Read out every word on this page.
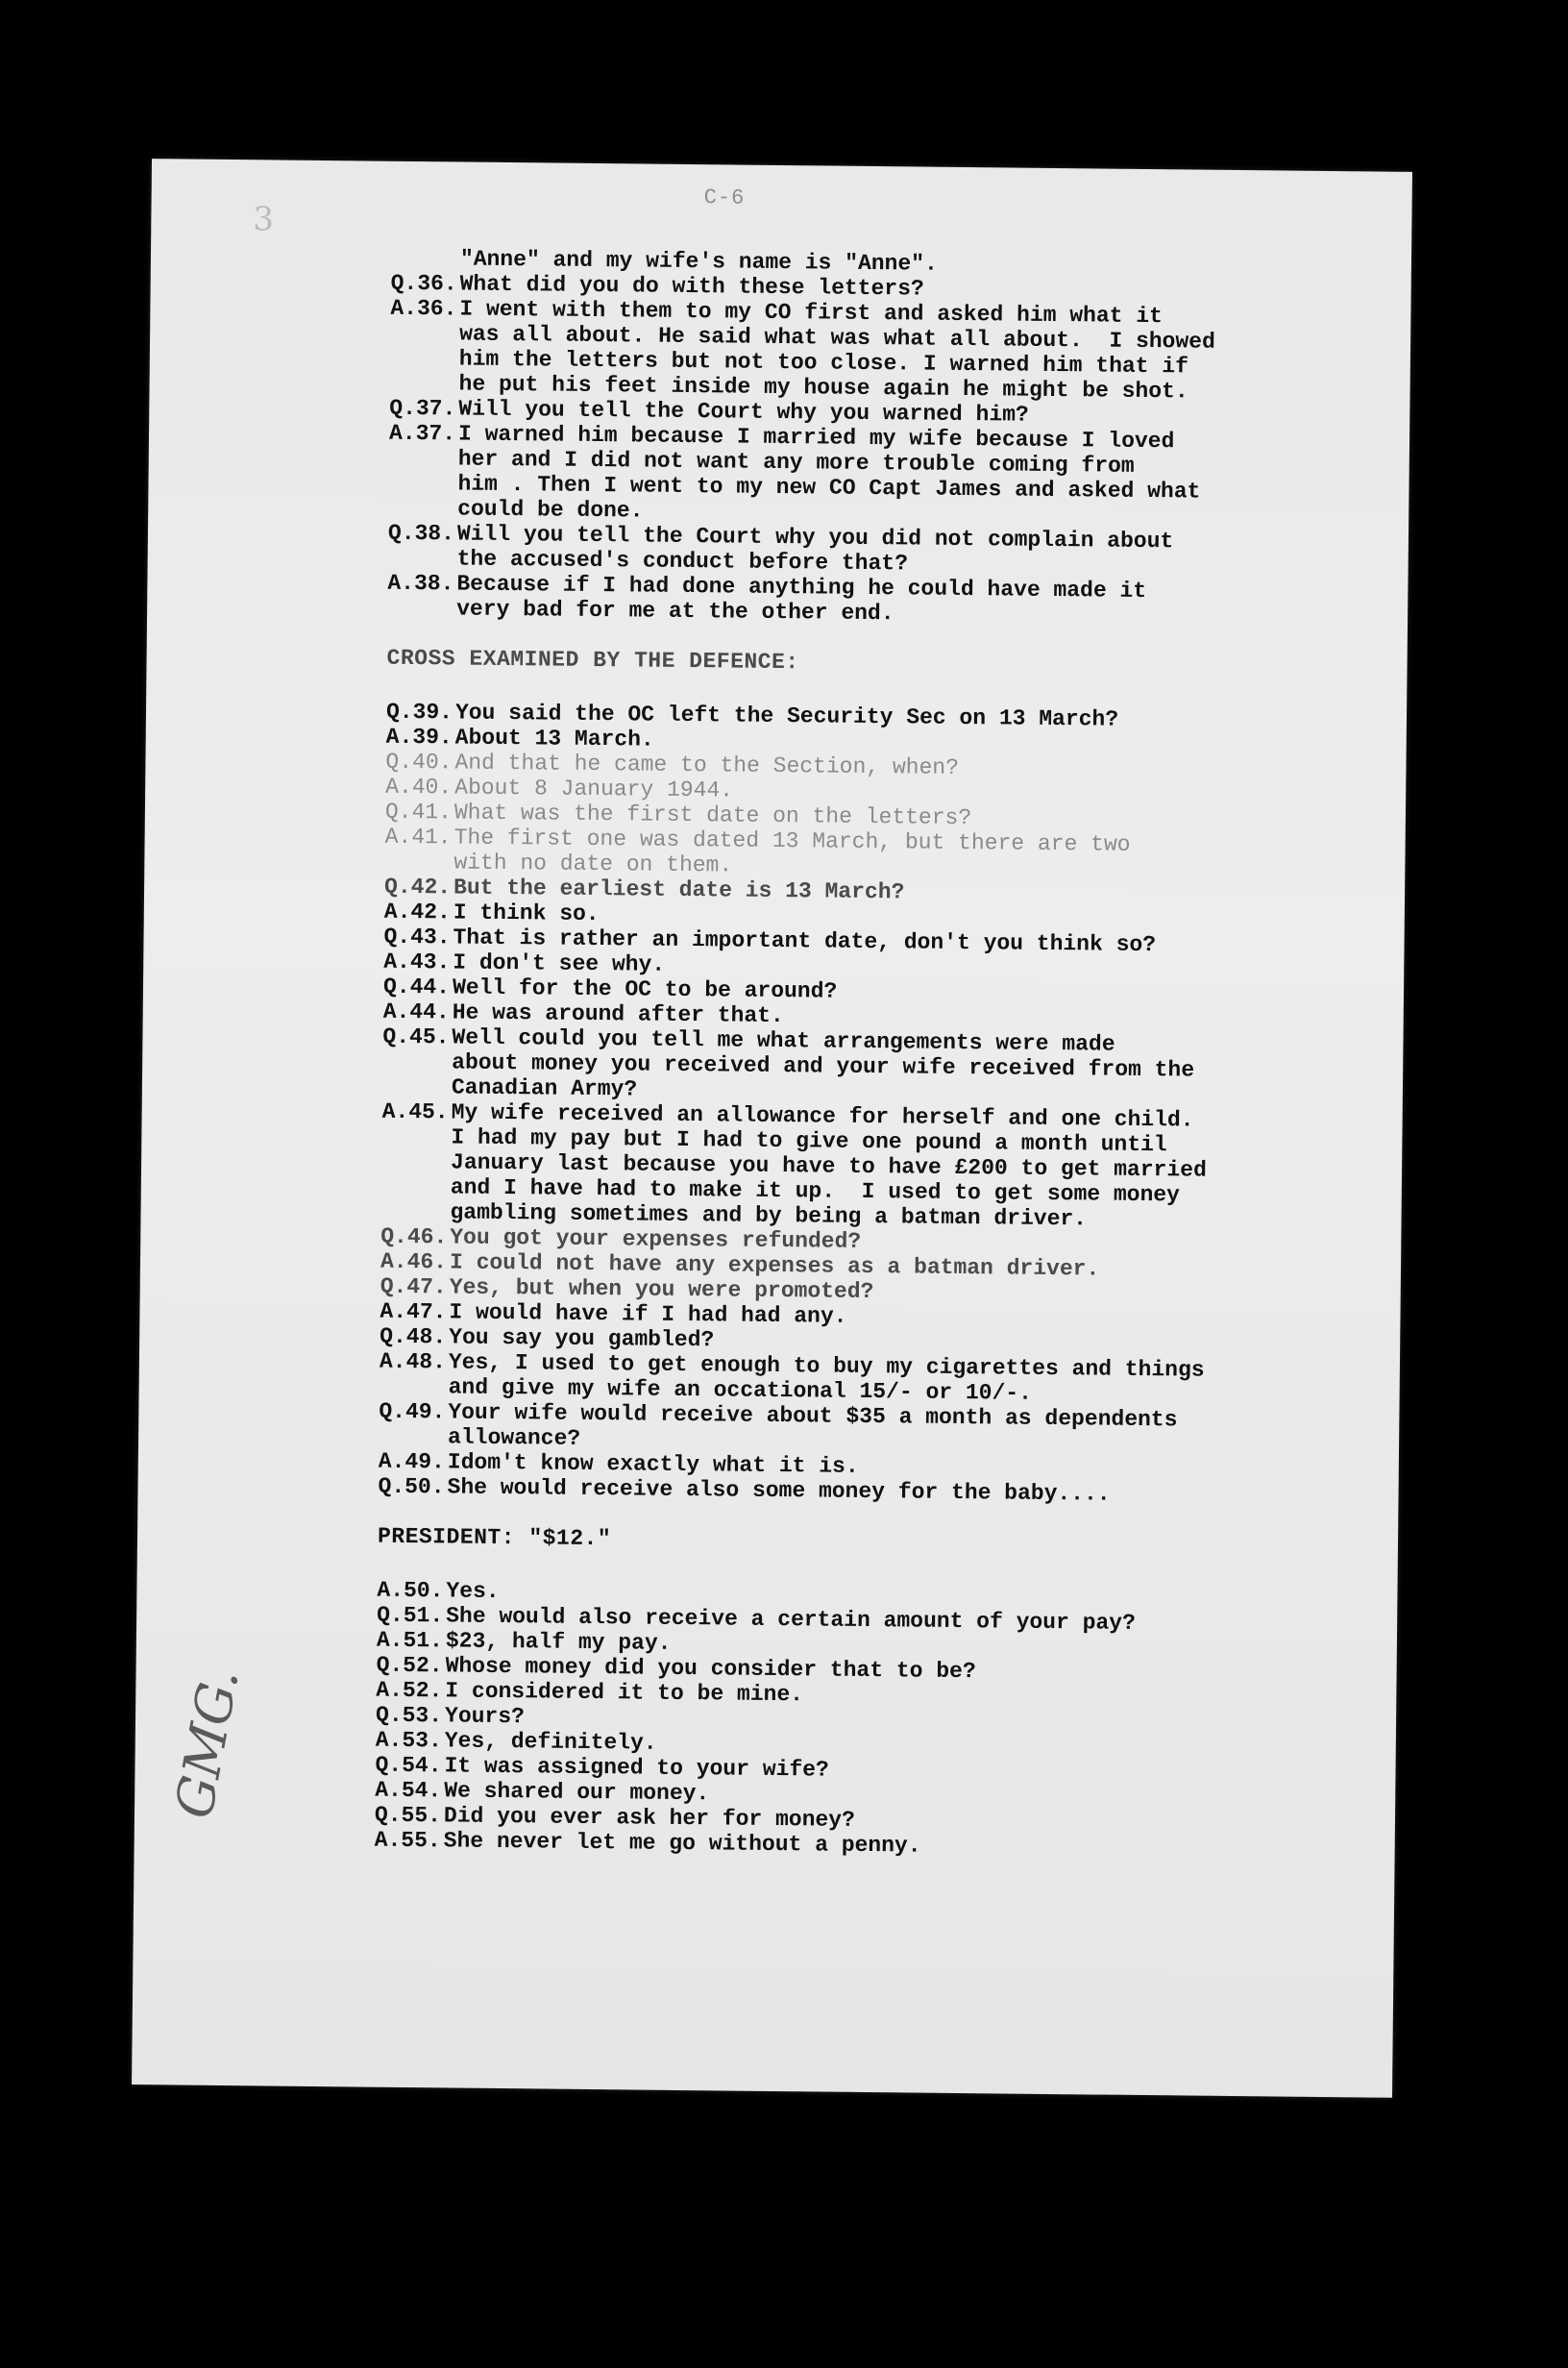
C-6
3
GMG.

"Anne" and my wife's name is "Anne".

Q.36. What did you do with these letters?
A.36. I went with them to my CO first and asked him what it
was all about. He said what was what all about.  I showed
him the letters but not too close. I warned him that if
he put his feet inside my house again he might be shot.
Q.37. Will you tell the Court why you warned him?
A.37. I warned him because I married my wife because I loved
her and I did not want any more trouble coming from
him . Then I went to my new CO Capt James and asked what
could be done.
Q.38. Will you tell the Court why you did not complain about
the accused's conduct before that?
A.38. Because if I had done anything he could have made it
very bad for me at the other end.

CROSS EXAMINED BY THE DEFENCE:

Q.39. You said the OC left the Security Sec on 13 March?
A.39. About 13 March.
Q.40. And that he came to the Section, when?
A.40. About 8 January 1944.
Q.41. What was the first date on the letters?
A.41. The first one was dated 13 March, but there are two
with no date on them.
Q.42. But the earliest date is 13 March?
A.42. I think so.
Q.43. That is rather an important date, don't you think so?
A.43. I don't see why.
Q.44. Well for the OC to be around?
A.44. He was around after that.
Q.45. Well could you tell me what arrangements were made
about money you received and your wife received from the
Canadian Army?
A.45. My wife received an allowance for herself and one child.
I had my pay but I had to give one pound a month until
January last because you have to have £200 to get married
and I have had to make it up.  I used to get some money
gambling sometimes and by being a batman driver.
Q.46. You got your expenses refunded?
A.46. I could not have any expenses as a batman driver.
Q.47. Yes, but when you were promoted?
A.47. I would have if I had had any.
Q.48. You say you gambled?
A.48. Yes, I used to get enough to buy my cigarettes and things
and give my wife an occational 15/- or 10/-.
Q.49. Your wife would receive about $35 a month as dependents
allowance?
A.49. Idom't know exactly what it is.
Q.50. She would receive also some money for the baby....

PRESIDENT: "$12."

A.50. Yes.
Q.51. She would also receive a certain amount of your pay?
A.51. $23, half my pay.
Q.52. Whose money did you consider that to be?
A.52. I considered it to be mine.
Q.53. Yours?
A.53. Yes, definitely.
Q.54. It was assigned to your wife?
A.54. We shared our money.
Q.55. Did you ever ask her for money?
A.55. She never let me go without a penny.
